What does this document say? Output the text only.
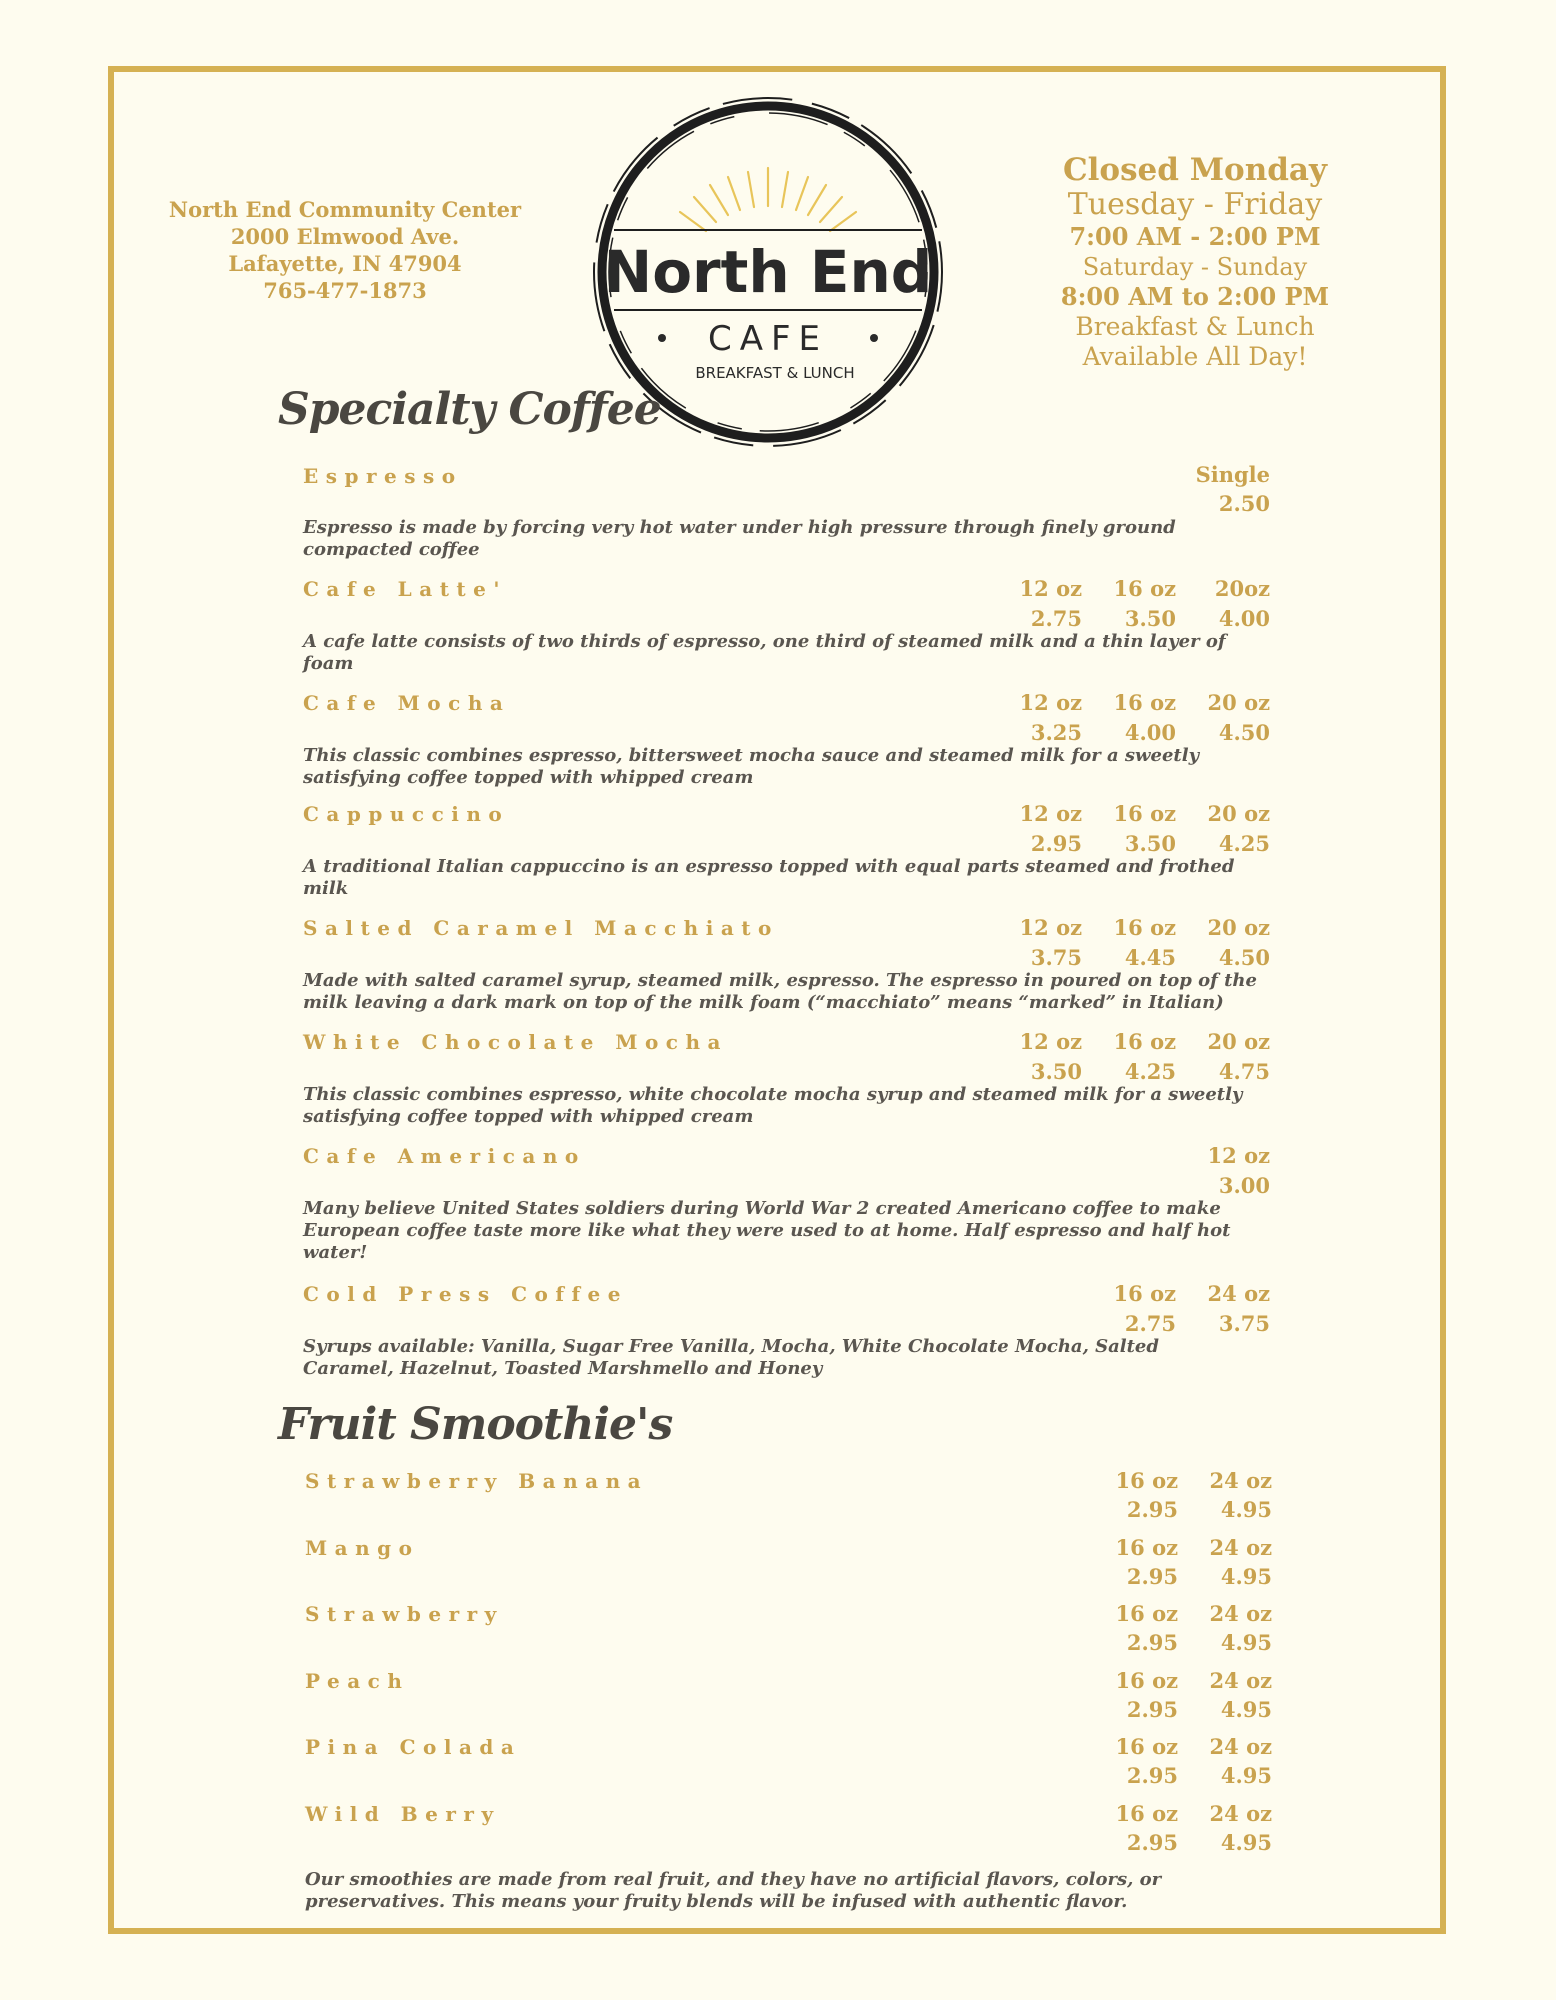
North End Community Center
2000 Elmwood Ave.
Lafayette, IN 47904
765-477-1873	North End
CAFE
BREAKFAST & LUNCH
Closed Monday
Tuesday - Friday
7:00 AM - 2:00 PM
Saturday - Sunday
8:00 AM to 2:00 PM
Breakfast & Lunch
Available All Day!
Specialty Coffee
Espresso	Single
2.50
Espresso is made by forcing very hot water under high pressure through finely ground
compacted coffee
Cafe Latte'	12 oz	16 oz	20oz
2.75	3.50	4.00
A cafe latte consists of two thirds of espresso, one third of steamed milk and a thin layer of
foam
Cafe Mocha	12 oz	16 oz	20 oz
3.25	4.00	4.50
This classic combines espresso, bittersweet mocha sauce and steamed milk for a sweetly
satisfying coffee topped with whipped cream
Cappuccino	12 oz	16 oz	20 oz
2.95	3.50	4.25
A traditional Italian cappuccino is an espresso topped with equal parts steamed and frothed
milk
Salted Caramel Macchiato	12 oz	16 oz	20 oz
3.75	4.45	4.50
Made with salted caramel syrup, steamed milk, espresso. The espresso in poured on top of the
milk leaving a dark mark on top of the milk foam (“macchiato” means “marked” in Italian)
White Chocolate Mocha	12 oz	16 oz	20 oz
3.50	4.25	4.75
This classic combines espresso, white chocolate mocha syrup and steamed milk for a sweetly
satisfying coffee topped with whipped cream
Cafe Americano	12 oz
3.00
Many believe United States soldiers during World War 2 created Americano coffee to make
European coffee taste more like what they were used to at home. Half espresso and half hot
water!
Cold Press Coffee	16 oz	24 oz
2.75	3.75
Syrups available: Vanilla, Sugar Free Vanilla, Mocha, White Chocolate Mocha, Salted
Caramel, Hazelnut, Toasted Marshmello and Honey
Fruit Smoothie's
Strawberry Banana	16 oz	24 oz
2.95	4.95
Mango	16 oz	24 oz
2.95	4.95
Strawberry	16 oz	24 oz
2.95	4.95
Peach	16 oz	24 oz
2.95	4.95
Pina Colada	16 oz	24 oz
2.95	4.95
Wild Berry	16 oz	24 oz
2.95	4.95
Our smoothies are made from real fruit, and they have no artificial flavors, colors, or
preservatives. This means your fruity blends will be infused with authentic flavor.
